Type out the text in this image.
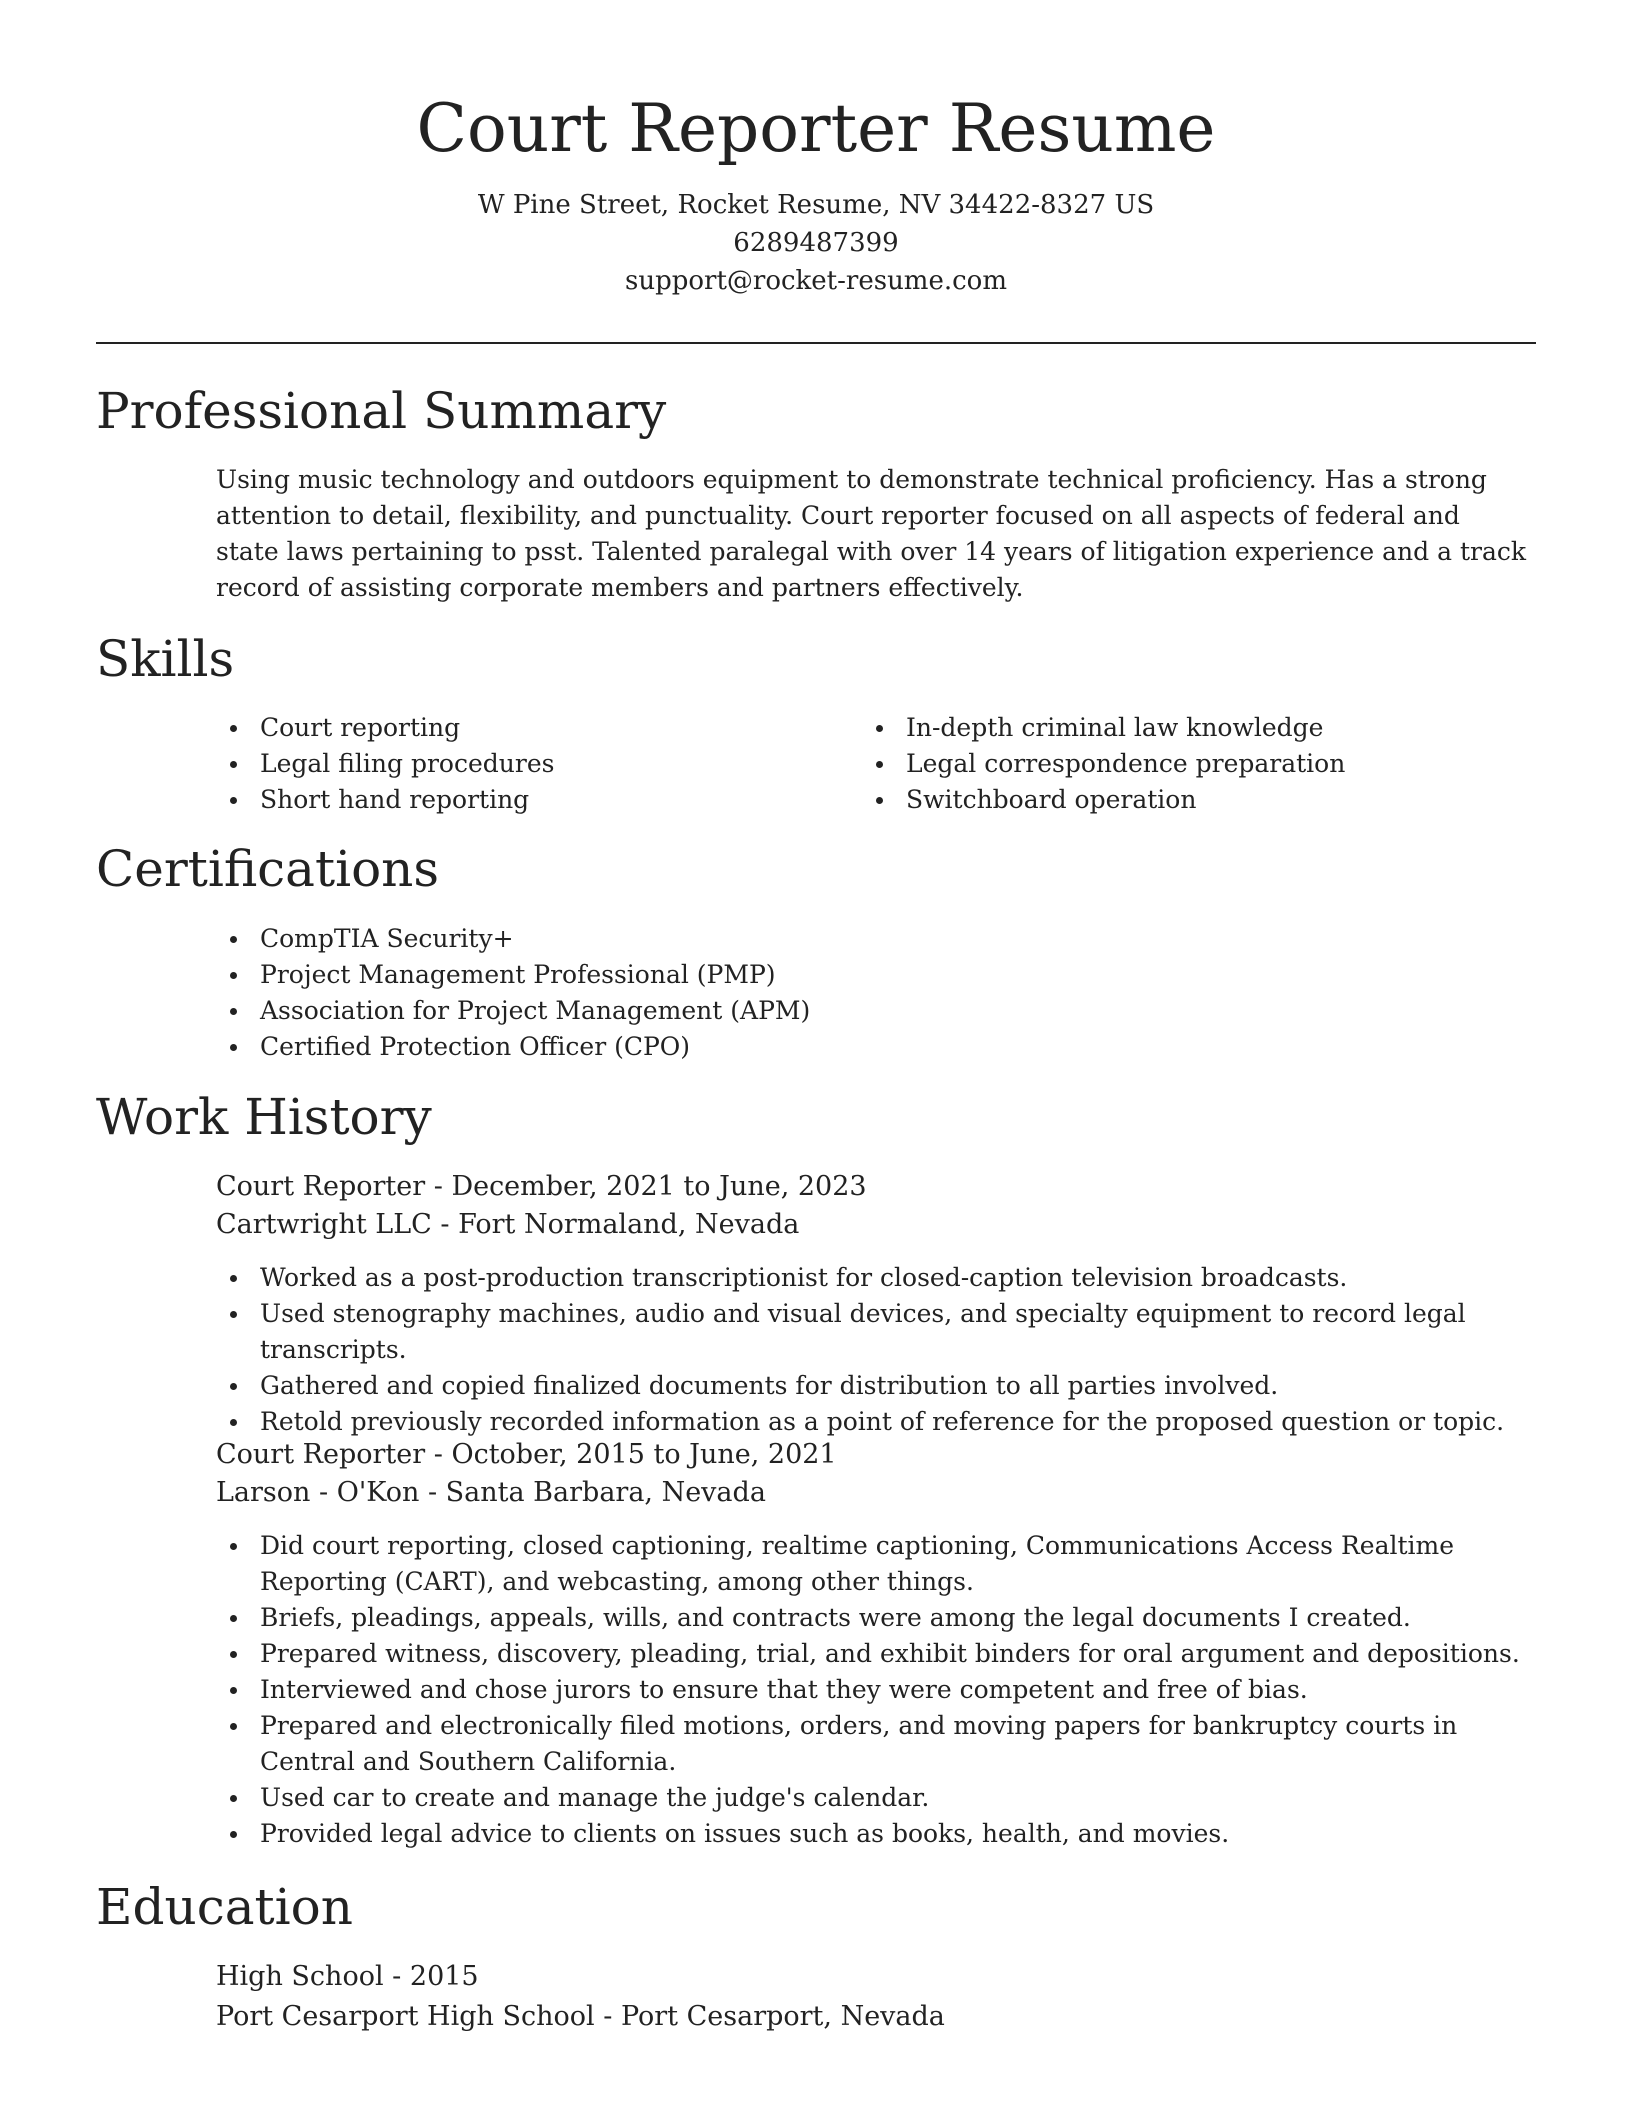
Court Reporter Resume
W Pine Street, Rocket Resume, NV 34422-8327 US
6289487399
support@rocket-resume.com
Professional Summary
Using music technology and outdoors equipment to demonstrate technical proficiency. Has a strong attention to detail, flexibility, and punctuality. Court reporter focused on all aspects of federal and state laws pertaining to psst. Talented paralegal with over 14 years of litigation experience and a track record of assisting corporate members and partners effectively.
Skills
Court reporting
Legal filing procedures
Short hand reporting
In-depth criminal law knowledge
Legal correspondence preparation
Switchboard operation
Certifications
CompTIA Security+
Project Management Professional (PMP)
Association for Project Management (APM)
Certified Protection Officer (CPO)
Work History
Court Reporter - December, 2021 to June, 2023
Cartwright LLC - Fort Normaland, Nevada
Worked as a post-production transcriptionist for closed-caption television broadcasts.
Used stenography machines, audio and visual devices, and specialty equipment to record legal transcripts.
Gathered and copied finalized documents for distribution to all parties involved.
Retold previously recorded information as a point of reference for the proposed question or topic.
Court Reporter - October, 2015 to June, 2021
Larson - O'Kon - Santa Barbara, Nevada
Did court reporting, closed captioning, realtime captioning, Communications Access Realtime Reporting (CART), and webcasting, among other things.
Briefs, pleadings, appeals, wills, and contracts were among the legal documents I created.
Prepared witness, discovery, pleading, trial, and exhibit binders for oral argument and depositions.
Interviewed and chose jurors to ensure that they were competent and free of bias.
Prepared and electronically filed motions, orders, and moving papers for bankruptcy courts in Central and Southern California.
Used car to create and manage the judge's calendar.
Provided legal advice to clients on issues such as books, health, and movies.
Education
High School - 2015
Port Cesarport High School - Port Cesarport, Nevada
